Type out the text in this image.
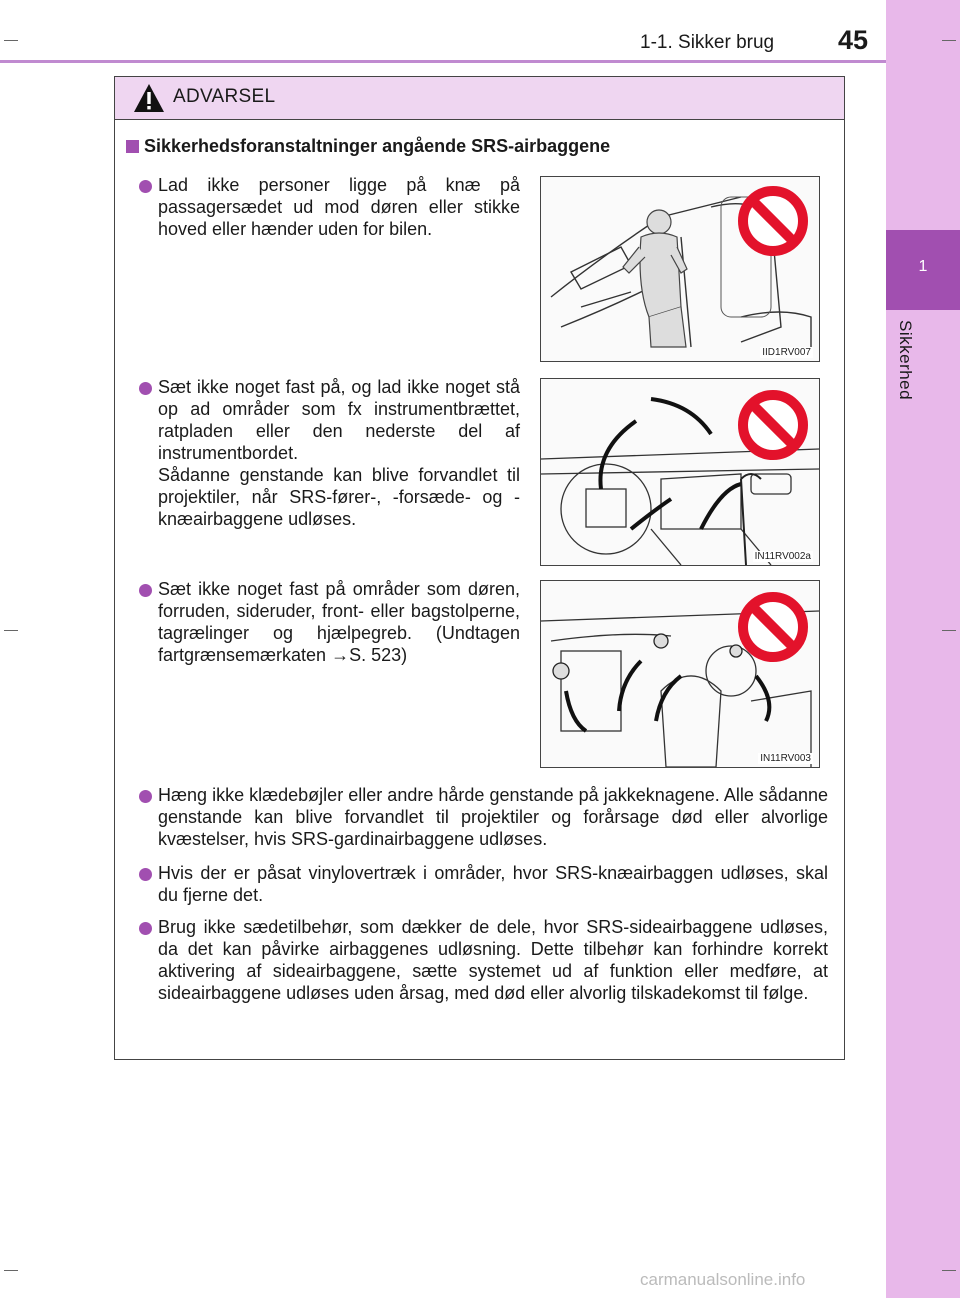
1-1. Sikker brug 45
1
Sikkerhed
ADVARSEL
Sikkerhedsforanstaltninger angående SRS-airbaggene
Lad ikke personer ligge på knæ på passagersædet ud mod døren eller stikke hoved eller hænder uden for bilen.
IID1RV007
Sæt ikke noget fast på, og lad ikke noget stå op ad områder som fx instrumentbrættet, ratpladen eller den nederste del af instrumentbordet.
Sådanne genstande kan blive forvandlet til projektiler, når SRS-fører-, -forsæde- og -knæairbaggene udløses.
IN11RV002a
Sæt ikke noget fast på områder som døren, forruden, sideruder, front- eller bagstolperne, tagrælinger og hjælpegreb. (Undtagen fartgrænsemærkaten →S. 523)
IN11RV003
Hæng ikke klædebøjler eller andre hårde genstande på jakkeknagene. Alle sådanne genstande kan blive forvandlet til projektiler og forårsage død eller alvorlige kvæstelser, hvis SRS-gardinairbaggene udløses.
Hvis der er påsat vinylovertræk i områder, hvor SRS-knæairbaggen udløses, skal du fjerne det.
Brug ikke sædetilbehør, som dækker de dele, hvor SRS-sideairbaggene udløses, da det kan påvirke airbaggenes udløsning. Dette tilbehør kan forhindre korrekt aktivering af sideairbaggene, sætte systemet ud af funktion eller medføre, at sideairbaggene udløses uden årsag, med død eller alvorlig tilskadekomst til følge.
carmanualsonline.info
